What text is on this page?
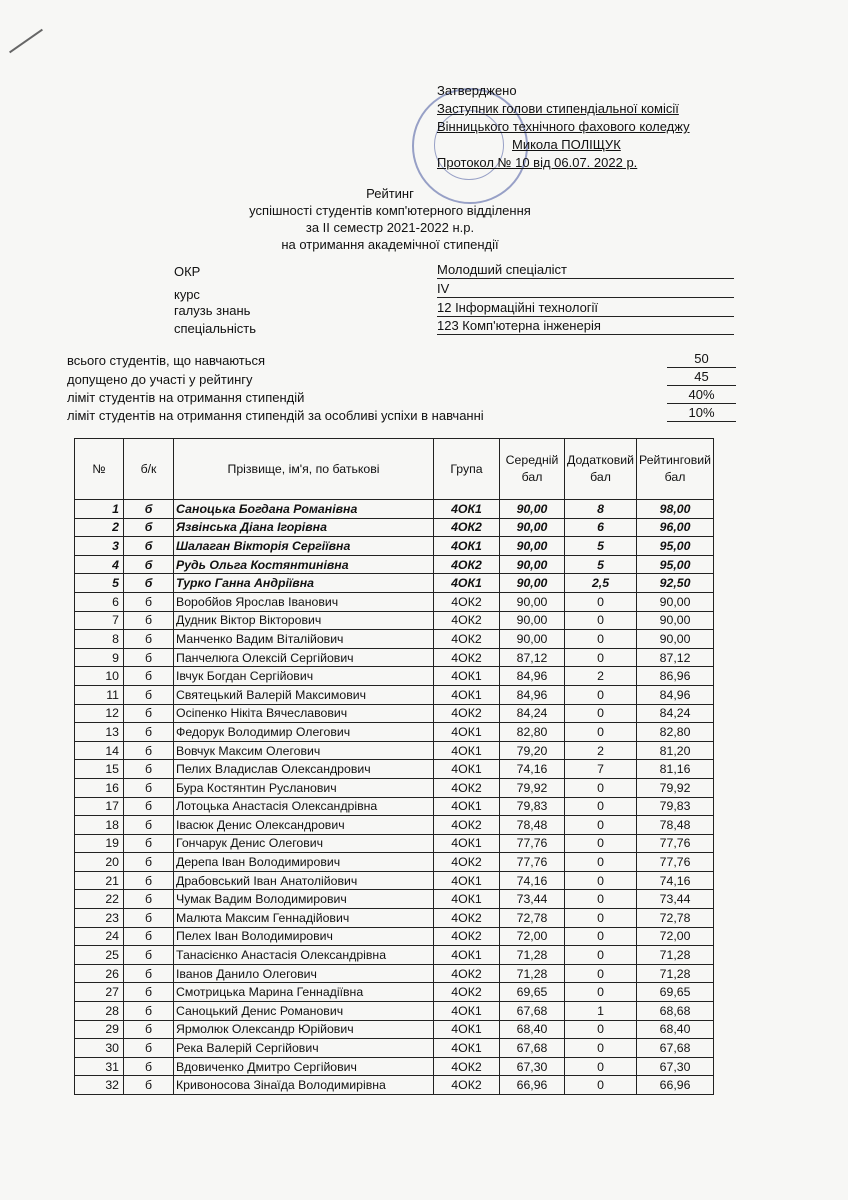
Затверджено
Заступник голови стипендіальної комісії
Вінницького технічного фахового коледжу
Микола ПОЛІЩУК
Протокол № 10 від 06.07. 2022 р.
Рейтинг
успішності студентів комп'ютерного відділення
за II семестр 2021-2022 н.р.
на отримання академічної стипендії
ОКР	Молодший спеціаліст
курс	IV
галузь знань	12 Інформаційні технології
спеціальність	123 Комп'ютерна інженерія
всього студентів, що навчаються	50
допущено до участі у рейтингу	45
ліміт студентів на отримання стипендій	40%
ліміт студентів на отримання стипендій за особливі успіхи в навчанні	10%
№	б/к	Прізвище, ім'я, по батькові	Група	Середній бал	Додатковий бал	Рейтинговий бал
1	б	Саноцька Богдана Романівна	4ОК1	90,00	8	98,00
2	б	Язвінська Діана Ігорівна	4ОК2	90,00	6	96,00
3	б	Шалаган Вікторія Сергіївна	4ОК1	90,00	5	95,00
4	б	Рудь Ольга Костянтинівна	4ОК2	90,00	5	95,00
5	б	Турко Ганна Андріївна	4ОК1	90,00	2,5	92,50
6	б	Воробйов Ярослав Іванович	4ОК2	90,00	0	90,00
7	б	Дудник Віктор Вікторович	4ОК2	90,00	0	90,00
8	б	Манченко Вадим Віталійович	4ОК2	90,00	0	90,00
9	б	Панчелюга Олексій Сергійович	4ОК2	87,12	0	87,12
10	б	Івчук Богдан Сергійович	4ОК1	84,96	2	86,96
11	б	Святецький Валерій Максимович	4ОК1	84,96	0	84,96
12	б	Осіпенко Нікіта Вячеславович	4ОК2	84,24	0	84,24
13	б	Федорук Володимир Олегович	4ОК1	82,80	0	82,80
14	б	Вовчук Максим Олегович	4ОК1	79,20	2	81,20
15	б	Пелих Владислав Олександрович	4ОК1	74,16	7	81,16
16	б	Бура Костянтин Русланович	4ОК2	79,92	0	79,92
17	б	Лотоцька Анастасія Олександрівна	4ОК1	79,83	0	79,83
18	б	Івасюк Денис Олександрович	4ОК2	78,48	0	78,48
19	б	Гончарук Денис Олегович	4ОК1	77,76	0	77,76
20	б	Дерепа Іван Володимирович	4ОК2	77,76	0	77,76
21	б	Драбовський Іван Анатолійович	4ОК1	74,16	0	74,16
22	б	Чумак Вадим Володимирович	4ОК1	73,44	0	73,44
23	б	Малюта Максим Геннадійович	4ОК2	72,78	0	72,78
24	б	Пелех Іван Володимирович	4ОК2	72,00	0	72,00
25	б	Танасієнко Анастасія Олександрівна	4ОК1	71,28	0	71,28
26	б	Іванов Данило Олегович	4ОК2	71,28	0	71,28
27	б	Смотрицька Марина Геннадіївна	4ОК2	69,65	0	69,65
28	б	Саноцький Денис Романович	4ОК1	67,68	1	68,68
29	б	Ярмолюк Олександр Юрійович	4ОК1	68,40	0	68,40
30	б	Река Валерій Сергійович	4ОК1	67,68	0	67,68
31	б	Вдовиченко Дмитро Сергійович	4ОК2	67,30	0	67,30
32	б	Кривоносова Зінаїда Володимирівна	4ОК2	66,96	0	66,96
